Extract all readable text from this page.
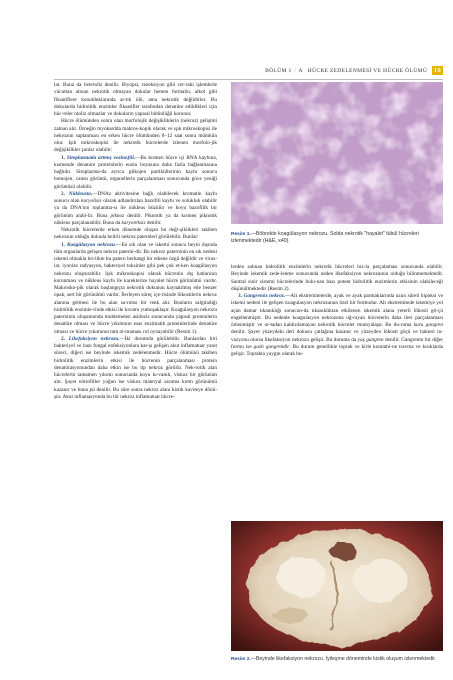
BÖLÜM 1 / A HÜCRE ZEDELENMESİ VE HÜCRE ÖLÜMÜ 19

lar. Buna da heteroliz denilir. Biyopsi, rezeksiyon gibi cer-rahi işlemlerle vücuttan alınan nekrotik olmayan dokular hemen formalin, alkol gibi fiksatiflere konulduklarında ar-tık ölü, ama nekrotik değildirler. Bu dokularda hidrolitik enzimler fiksatifler tarafından denatüre edildikleri için hüc-reler otoliz olmazlar ve dokuların yapısal bütünlüğü korunur.

Hücre ölümünden sonra olan morfolojik değişikliklerin (nekroz) gelişimi zaman alır. Örneğin myokardda makros-kopik olarak ve ışık mikroskopisi ile nekrozun saptanması en erken hücre ölümünden 8–12 saat sonra mümkün olur. Işık mikroskopisi ile nekrotik hücrelerde izlenen morfolo-jik değişiklikler şunlar olabilir:

1. Sitoplazmada artmış eozinofili.—Bu kısmen hücre içi RNA kaybına, kısmende denature proteinlerin eozin boyasına daha fazla bağlanmasına bağlıdır. Sitoplazma-da ayrıca glikojen partiküllerinin kaybı sonucu homojen, camsı görüntü, organellerin parçalanması sonucunda güve yeniği görüntüsü olabilir.

2. Nükleusta.—DNAz aktivitesine bağlı olabilecek kromatin kaybı sonucu olan karyolisis olarak adlandırılan bazofili kaybı ve solukluk olabilir ya da DNA'nın toplanma-sı ile nükleus büzülür ve koyu bazofilik bir görünüm alabi-lir. Buna piknoz denilir. Piknotik ya da kısmen piknotik nükleus parçalanabilir. Buna da karyoreksis denilir.

Nekrotik hücrelerde erken dönemde oluşan bu deği-şiklikleri takiben nekrozun olduğu dokuda belirli nekroz paternleri görülebilir. Bunlar:

1. Koagülasyon nekrozu.—En sık olan ve iskemi sonucu beyin dışında tüm organlarda gelişen nekroz paterni-dir. Bu nekroz paterninin en sık nedeni iskemi olmakla bir-likte bu patern herhangi bir etkene özgü değildir ve virus-lar, iyonize radyasyon, bakteriyel toksinler gibi pek çok et-ken koagülasyon nekrozu oluşturabilir. Işık mikroskopisi olarak hücrenin dış hatlarının korunması ve nükleus kaybı ile karekterize hayalet hücre görünümü vardır. Makrosko-pik olarak başlangıçta nekrotik dokunun kaynatılmış etle benzer opak, sert bir görünümü vardır. İlerleyen süreç içe-risinde lökositlerin nekroz alanına gelmesi ile bu alan sa-rımsı bir renk alır. Bunların salgıladığı hidrolitik enzimle-rinde etkisi ile kıvamı yumuşaklaşır. Koagulasyon nekrozu paterninin oluşumunda muhtemelen asidozis sonucunda yapısal proteinlerin denatüre olması ve hücre yıkımının esas enzimatik proteinlerinde denatüre olması ve hücre yıkımının tam ol-maması rol oynayabilir (Resim 1).

2. Likefaksiyon nekrozu.—İki durumda görülebilir. Bunlardan biri bakteriyel ve bazı fungal enfeksiyonlara kar-şı gelişen akut inflamatuar yanıt süreci, diğeri ise beyinde iskemik zedelenmedir. Hücre ölümünü takiben hidrolitik enzimlerin etkisi ile hücrenin parçalanması protein denatürasyonundan daha etkin ise bu tip nekroz görülür. Nek-rotik alan hücrelerin tamamen yıkımı sonucunda koyu kı-vamlı, viskoz bir görünüm alır. Şayet nötrofiller yoğun ise viskoz materyal sarımsı krem görünümü kazanır ve buna pü denilir. Bu süre sonra nekroz alanı kistik kaviteye dönü-şür. Akut inflamasyonda bu tür nekroz inflamatuar hücre-

Resim 1.—Böbrekte koagülasyon nekrozu. Solda nekrotik "hayalet" tübül hücreleri izlenmektedir (H&E, x40).

lerden salınan hidrolitik enzimlerin nekrotik hücreleri hız-la parçalaması sonucunda olabilir. Beyinde iskemik zede-lenme sonucunda neden likefaksiyon nekrozunun olduğu bilinmemektedir. Santral sinir sistemi hücrelerinde bulu-nan bazı potent hidrolitik enzimlerin etkisinin olabileceği düşünülmektedir (Resim 2).

3. Gangrenöz nekroz.—Alt ekstremitelerde, ayak ve ayak parmaklarında uzun süreli hipoksi ve iskemi nedeni ile gelişen koagulasyon nekrozunun özel bir formudur. Alt ekstremitede iskemiye yol açan damar tıkanıklığı sonucun-da tıkanıklıktan etkilenen iskemik alana yeterli lökosit gö-çü engellenmiştir. Bu nedenle koagulasyon nekrozuna uğ-rayan hücrelerin daha ileri parçalanması önlenmiştir ve or-tadan kaldırılamayan nekrotik hücreler mumyalaşır. Bu du-ruma kuru gangren denilir. Şayet yüzeydeki deri dokusu çatlağına kazanır ve yüzeyden lökosit göçü ve bakteri in-vazyonu olursa likefaksiyon nekrozu gelişir. Bu duruma da yaş gangren denilir. Gangrenin bir diğer formu ise gazlı gangrendir. Bu durum genellikle toprak ve kirle kontami-ne travma ve kırıklarda gelişir. Toprakta yaygın olarak bu-

Resim 2.—Beyinde likefaksiyon nekrozu. İyileşme döneminde kistik oluşum izlenmektedir.
